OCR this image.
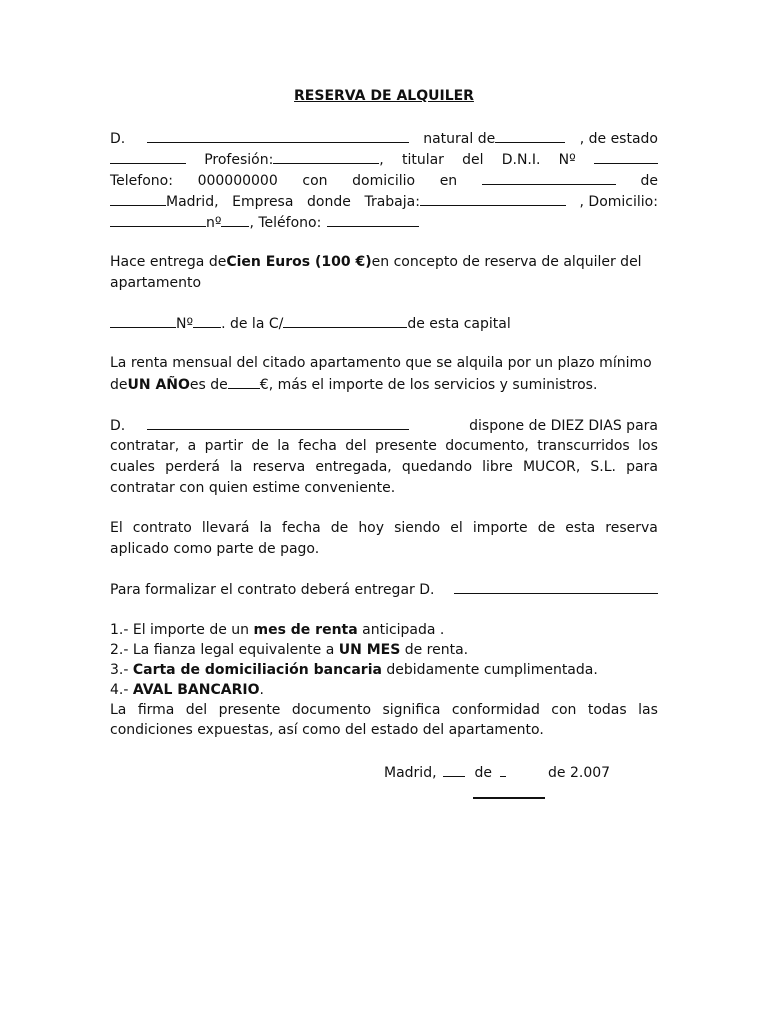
RESERVA DE ALQUILER
D.	natural de	, de estado
Profesión:	, titular del D.N.I. Nº
Telefono: 000000000 con domicilio en	de
Madrid, Empresa donde Trabaja:	, Domicilio:
nº , Teléfono:
Hace entrega de Cien Euros (100 €) en concepto de reserva de alquiler del
apartamento
Nº . de la C/	de esta capital
La renta mensual del citado apartamento que se alquila por un plazo mínimo
de UN AÑO es de €, más el importe de los servicios y suministros.
D.	dispone de DIEZ DIAS para
contratar, a partir de la fecha del presente documento, transcurridos los
cuales perderá la reserva entregada, quedando libre MUCOR, S.L. para
contratar con quien estime conveniente.
El contrato llevará la fecha de hoy siendo el importe de esta reserva
aplicado como parte de pago.
Para formalizar el contrato deberá entregar D.
1.- El importe de un mes de renta anticipada .
2.- La fianza legal equivalente a UN MES de renta.
3.- Carta de domiciliación bancaria debidamente cumplimentada.
4.- AVAL BANCARIO .
La firma del presente documento significa conformidad con todas las
condiciones expuestas, así como del estado del apartamento.
Madrid,	de	de 2.007
